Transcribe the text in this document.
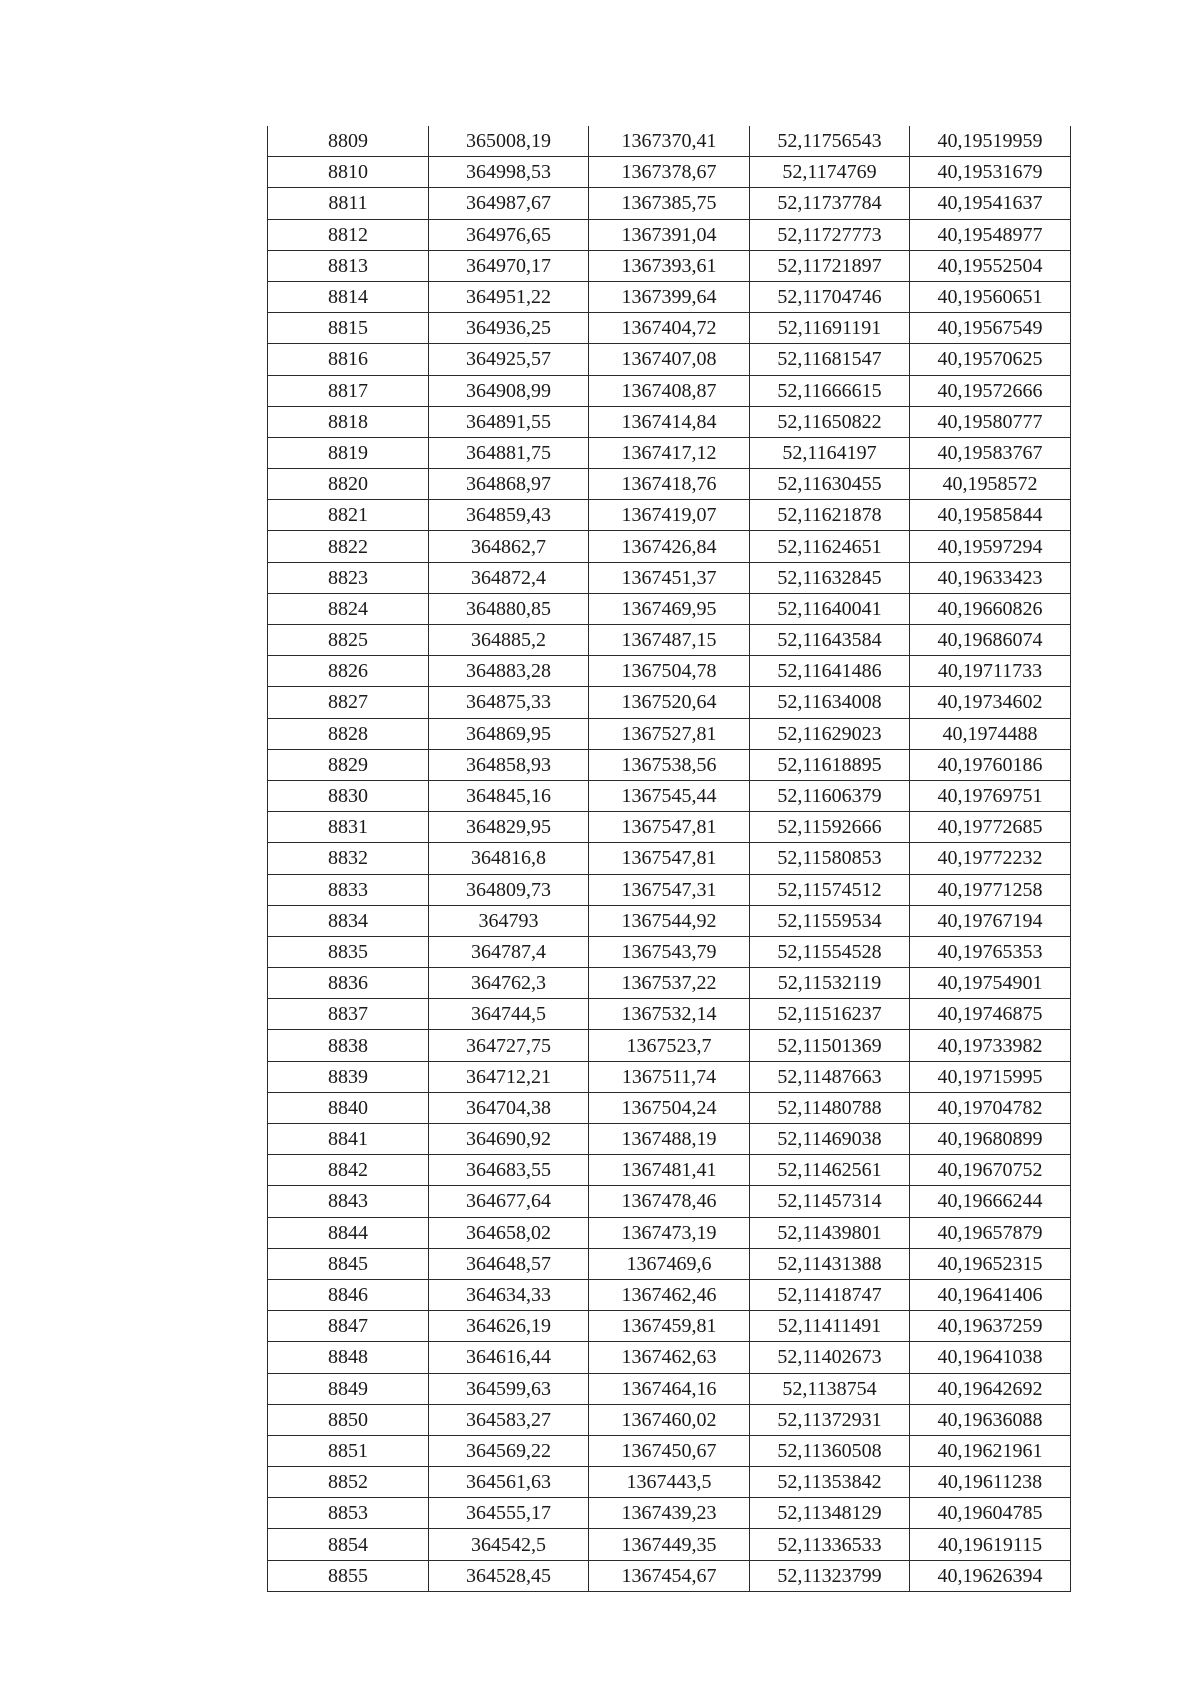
8809	365008,19	1367370,41	52,11756543	40,19519959
8810	364998,53	1367378,67	52,1174769	40,19531679
8811	364987,67	1367385,75	52,11737784	40,19541637
8812	364976,65	1367391,04	52,11727773	40,19548977
8813	364970,17	1367393,61	52,11721897	40,19552504
8814	364951,22	1367399,64	52,11704746	40,19560651
8815	364936,25	1367404,72	52,11691191	40,19567549
8816	364925,57	1367407,08	52,11681547	40,19570625
8817	364908,99	1367408,87	52,11666615	40,19572666
8818	364891,55	1367414,84	52,11650822	40,19580777
8819	364881,75	1367417,12	52,1164197	40,19583767
8820	364868,97	1367418,76	52,11630455	40,1958572
8821	364859,43	1367419,07	52,11621878	40,19585844
8822	364862,7	1367426,84	52,11624651	40,19597294
8823	364872,4	1367451,37	52,11632845	40,19633423
8824	364880,85	1367469,95	52,11640041	40,19660826
8825	364885,2	1367487,15	52,11643584	40,19686074
8826	364883,28	1367504,78	52,11641486	40,19711733
8827	364875,33	1367520,64	52,11634008	40,19734602
8828	364869,95	1367527,81	52,11629023	40,1974488
8829	364858,93	1367538,56	52,11618895	40,19760186
8830	364845,16	1367545,44	52,11606379	40,19769751
8831	364829,95	1367547,81	52,11592666	40,19772685
8832	364816,8	1367547,81	52,11580853	40,19772232
8833	364809,73	1367547,31	52,11574512	40,19771258
8834	364793	1367544,92	52,11559534	40,19767194
8835	364787,4	1367543,79	52,11554528	40,19765353
8836	364762,3	1367537,22	52,11532119	40,19754901
8837	364744,5	1367532,14	52,11516237	40,19746875
8838	364727,75	1367523,7	52,11501369	40,19733982
8839	364712,21	1367511,74	52,11487663	40,19715995
8840	364704,38	1367504,24	52,11480788	40,19704782
8841	364690,92	1367488,19	52,11469038	40,19680899
8842	364683,55	1367481,41	52,11462561	40,19670752
8843	364677,64	1367478,46	52,11457314	40,19666244
8844	364658,02	1367473,19	52,11439801	40,19657879
8845	364648,57	1367469,6	52,11431388	40,19652315
8846	364634,33	1367462,46	52,11418747	40,19641406
8847	364626,19	1367459,81	52,11411491	40,19637259
8848	364616,44	1367462,63	52,11402673	40,19641038
8849	364599,63	1367464,16	52,1138754	40,19642692
8850	364583,27	1367460,02	52,11372931	40,19636088
8851	364569,22	1367450,67	52,11360508	40,19621961
8852	364561,63	1367443,5	52,11353842	40,19611238
8853	364555,17	1367439,23	52,11348129	40,19604785
8854	364542,5	1367449,35	52,11336533	40,19619115
8855	364528,45	1367454,67	52,11323799	40,19626394
